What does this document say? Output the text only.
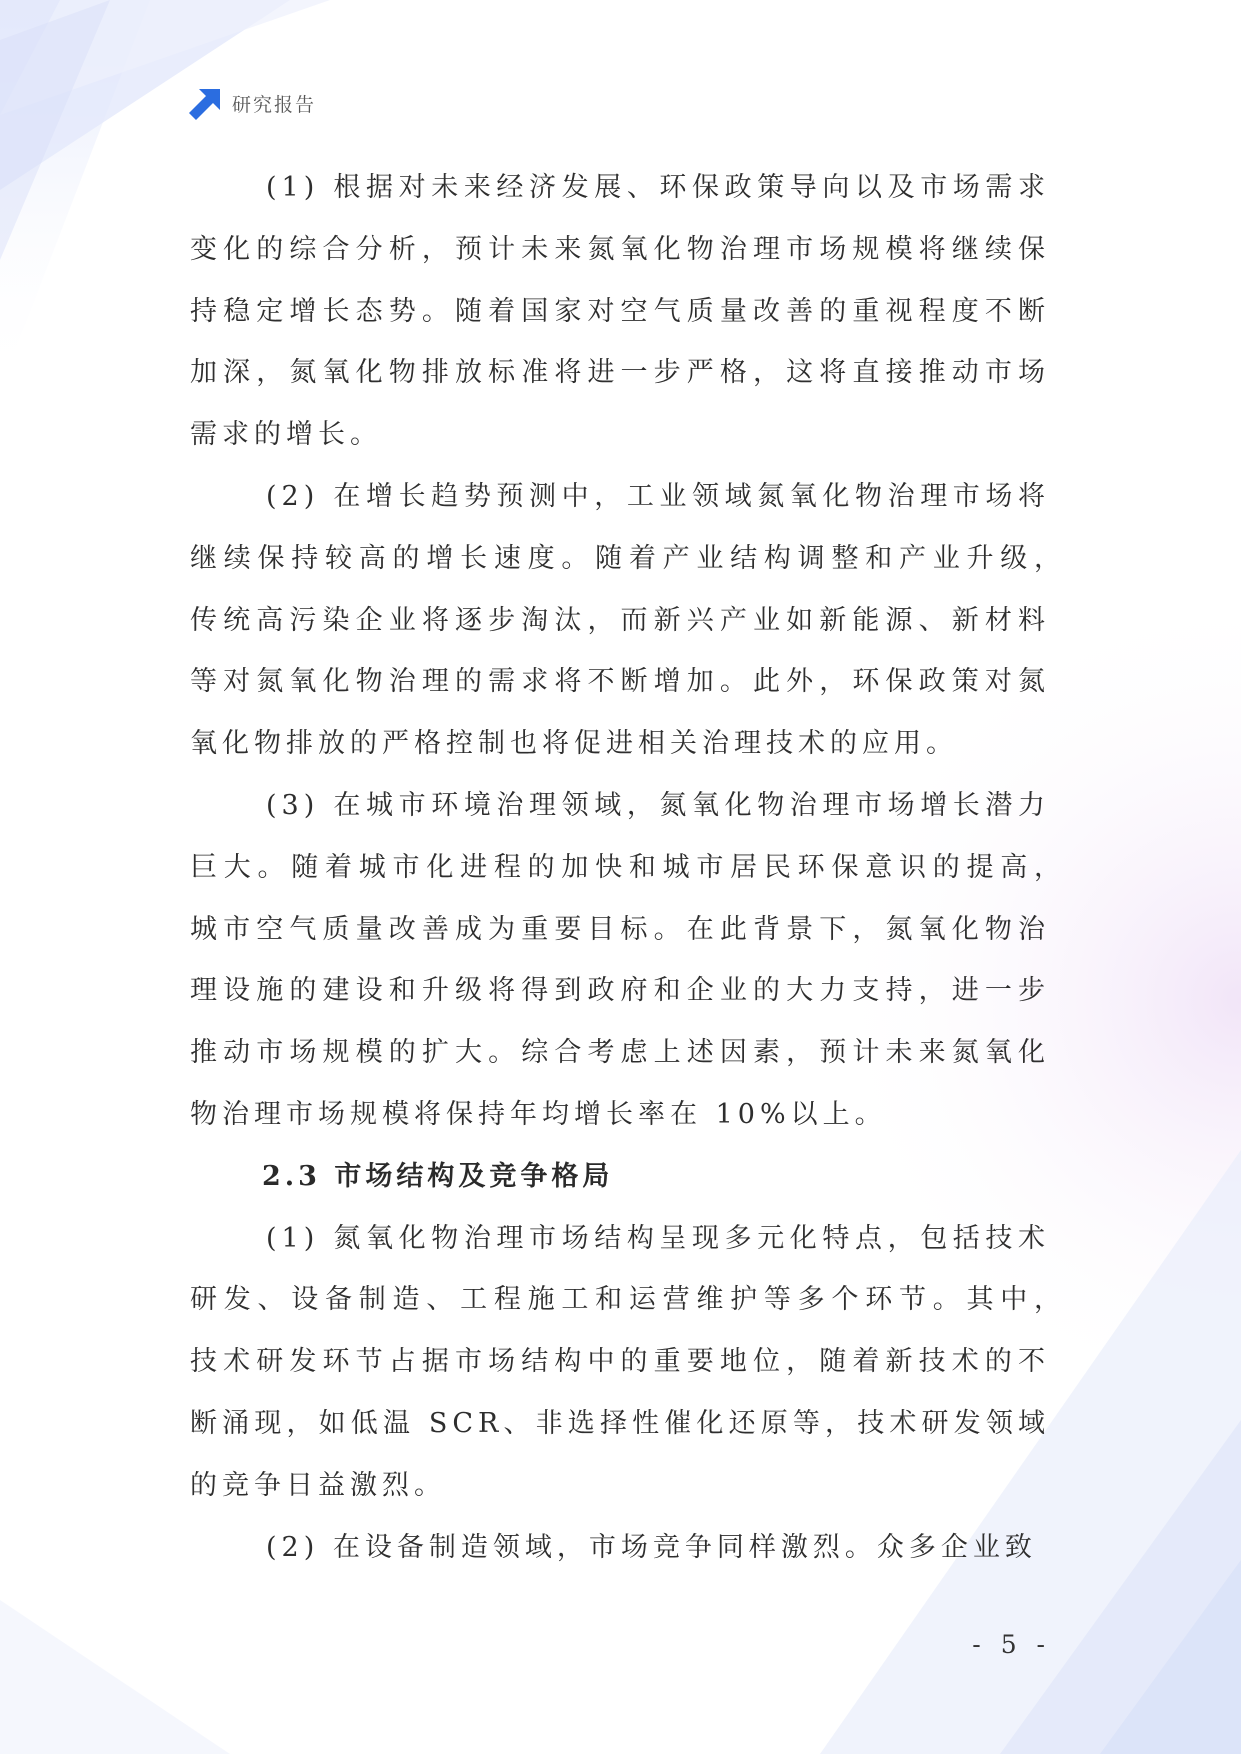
研究报告
(1) 根据对未来经济发展、环保政策导向以及市场需求
变化的综合分析，预计未来氮氧化物治理市场规模将继续保
持稳定增长态势。随着国家对空气质量改善的重视程度不断
加深，氮氧化物排放标准将进一步严格，这将直接推动市场
需求的增长。
(2) 在增长趋势预测中，工业领域氮氧化物治理市场将
继续保持较高的增长速度。随着产业结构调整和产业升级，
传统高污染企业将逐步淘汰，而新兴产业如新能源、新材料
等对氮氧化物治理的需求将不断增加。此外，环保政策对氮
氧化物排放的严格控制也将促进相关治理技术的应用。
(3) 在城市环境治理领域，氮氧化物治理市场增长潜力
巨大。随着城市化进程的加快和城市居民环保意识的提高，
城市空气质量改善成为重要目标。在此背景下，氮氧化物治
理设施的建设和升级将得到政府和企业的大力支持，进一步
推动市场规模的扩大。综合考虑上述因素，预计未来氮氧化
物治理市场规模将保持年均增长率在 10%以上。
2.3 市场结构及竞争格局
(1) 氮氧化物治理市场结构呈现多元化特点，包括技术
研发、设备制造、工程施工和运营维护等多个环节。其中，
技术研发环节占据市场结构中的重要地位，随着新技术的不
断涌现，如低温 SCR、非选择性催化还原等，技术研发领域
的竞争日益激烈。
(2) 在设备制造领域，市场竞争同样激烈。众多企业致
- 5 -
